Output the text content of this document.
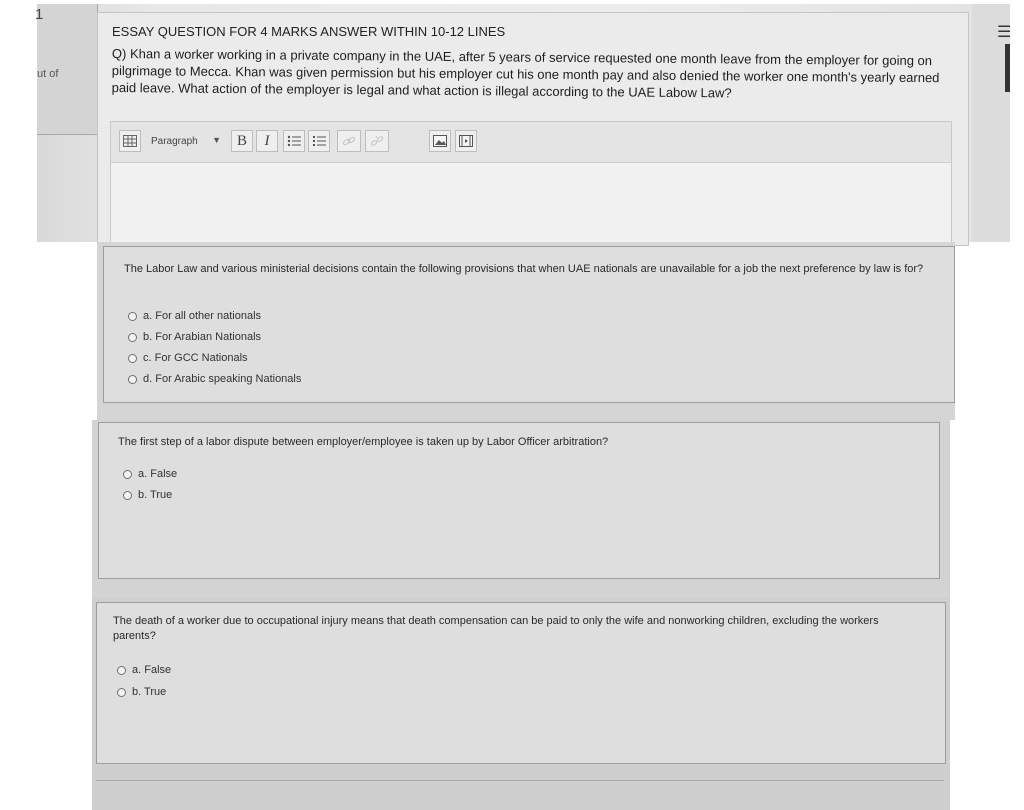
1
ut of
ESSAY QUESTION FOR 4 MARKS ANSWER WITHIN 10-12 LINES
Q) Khan a worker working in a private company in the UAE, after 5 years of service requested one month leave from the employer for going on pilgrimage to Mecca. Khan was given permission but his employer cut his one month pay and also denied the worker one month's yearly earned paid leave. What action of the employer is legal and what action is illegal according to the UAE Labow Law?
Paragraph ▼	B	I
☰
The Labor Law and various ministerial decisions contain the following provisions that when UAE nationals are unavailable for a job the next preference by law is for?
a. For all other nationals
b. For Arabian Nationals
c. For GCC Nationals
d. For Arabic speaking Nationals
The first step of a labor dispute between employer/employee is taken up by Labor Officer arbitration?
a. False
b. True
The death of a worker due to occupational injury means that death compensation can be paid to only the wife and nonworking children, excluding the workers parents?
a. False
b. True
